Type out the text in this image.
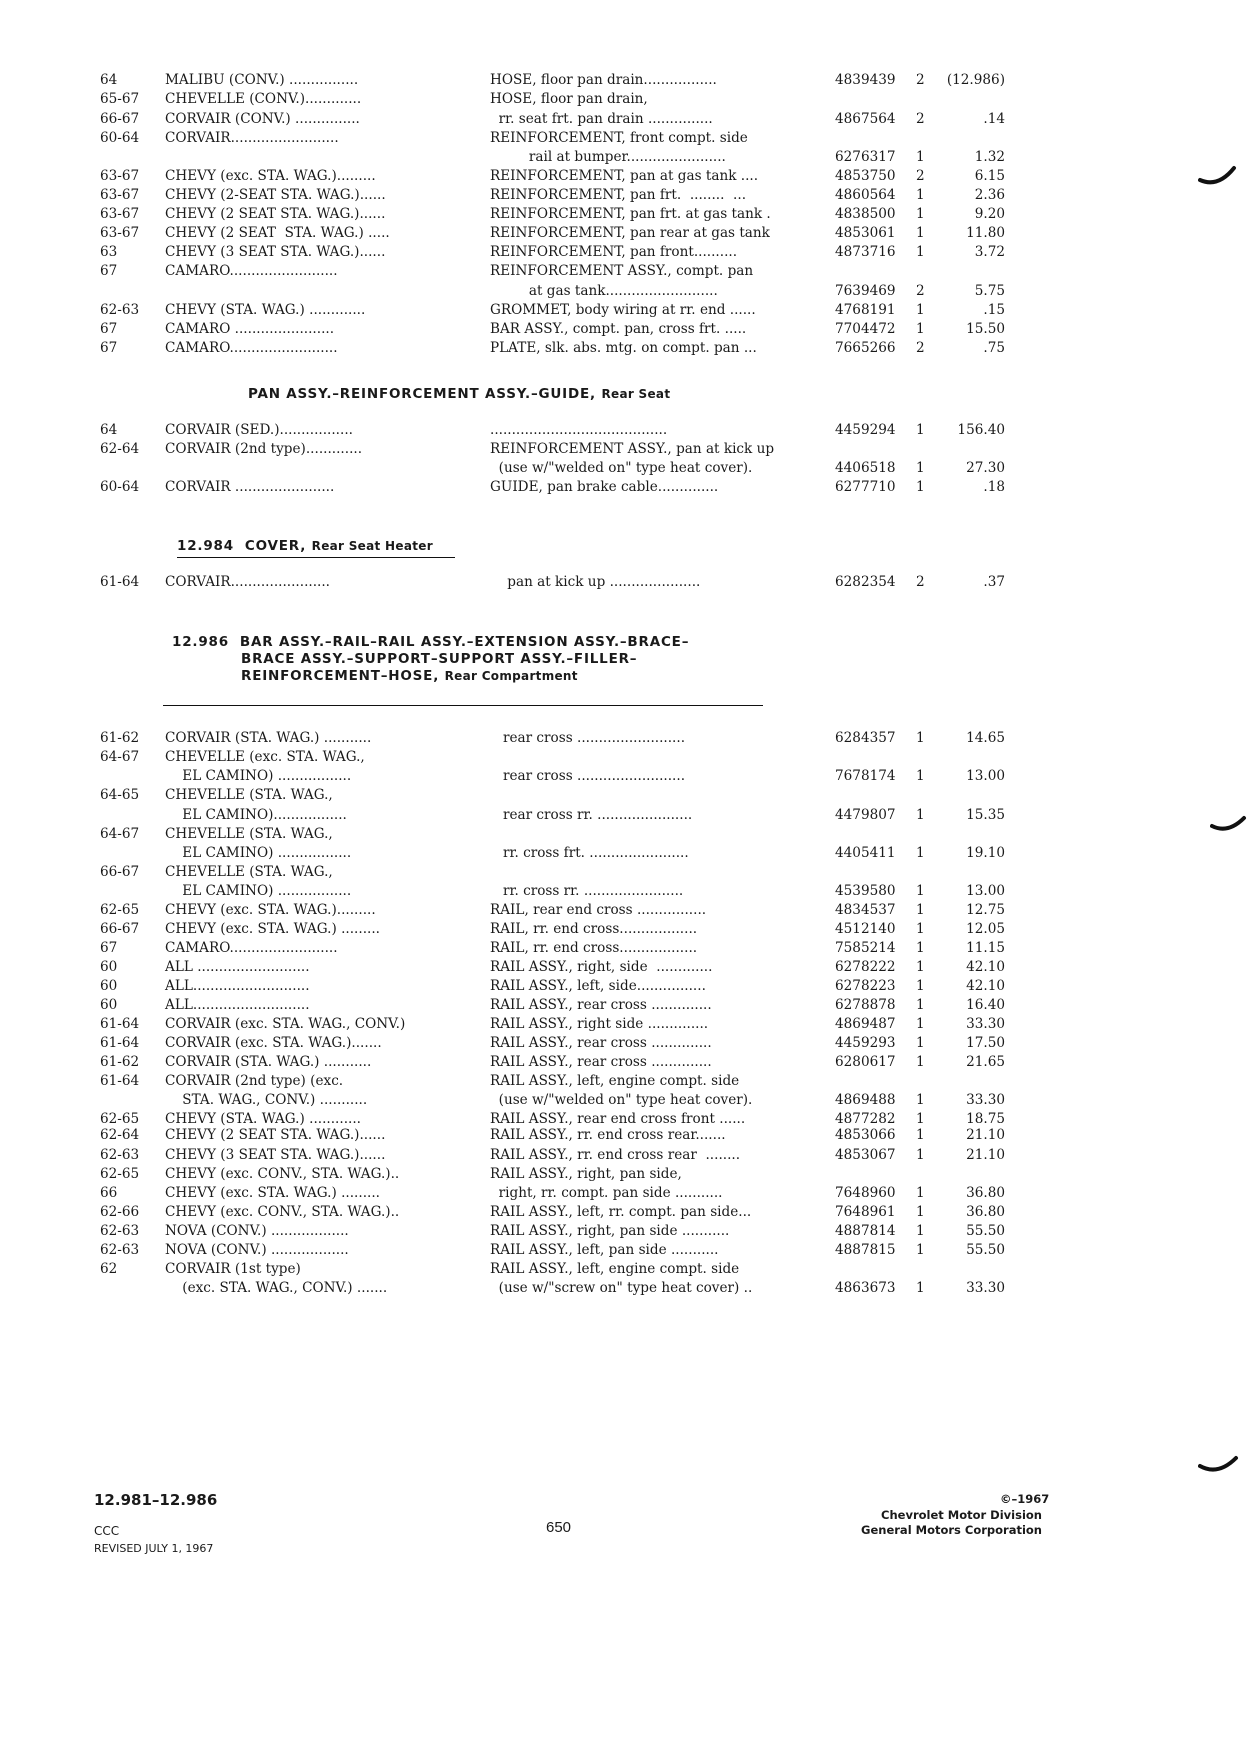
64	MALIBU (CONV.) ................	HOSE, floor pan drain.................	4839439 2	(12.986)
65-67 CHEVELLE (CONV.).............	HOSE, floor pan drain,
66-67 CORVAIR (CONV.) ...............	rr. seat frt. pan drain ...............	4867564 2	.14
60-64 CORVAIR.........................	REINFORCEMENT, front compt. side
rail at bumper.......................	6276317 1	1.32
63-67 CHEVY (exc. STA. WAG.).........	REINFORCEMENT, pan at gas tank ....	4853750 2	6.15
63-67 CHEVY (2-SEAT STA. WAG.)......	REINFORCEMENT, pan frt.  ........  ...	4860564 1	2.36
63-67 CHEVY (2 SEAT STA. WAG.)......	REINFORCEMENT, pan frt. at gas tank .	4838500 1	9.20
63-67 CHEVY (2 SEAT  STA. WAG.) .....	REINFORCEMENT, pan rear at gas tank	4853061 1	11.80
63	CHEVY (3 SEAT STA. WAG.)......	REINFORCEMENT, pan front..........	4873716 1	3.72
67	CAMARO.........................	REINFORCEMENT ASSY., compt. pan
at gas tank..........................	7639469 2	5.75
62-63 CHEVY (STA. WAG.) .............	GROMMET, body wiring at rr. end ......	4768191 1	.15
67	CAMARO .......................	BAR ASSY., compt. pan, cross frt. .....	7704472 1	15.50
67	CAMARO.........................	PLATE, slk. abs. mtg. on compt. pan ...	7665266 2	.75
64	CORVAIR (SED.).................	.........................................	4459294 1	156.40
62-64 CORVAIR (2nd type).............	REINFORCEMENT ASSY., pan at kick up
(use w/"welded on" type heat cover).	4406518 1	27.30
60-64 CORVAIR .......................	GUIDE, pan brake cable..............	6277710 1	.18
61-64 CORVAIR.......................	pan at kick up .....................	6282354 2	.37
61-62 CORVAIR (STA. WAG.) ...........	rear cross .........................	6284357 1	14.65
64-67 CHEVELLE (exc. STA. WAG.,
EL CAMINO) .................	rear cross .........................	7678174 1	13.00
64-65 CHEVELLE (STA. WAG.,
EL CAMINO).................	rear cross rr. ......................	4479807 1	15.35
64-67 CHEVELLE (STA. WAG.,
EL CAMINO) .................	rr. cross frt. .......................	4405411 1	19.10
66-67 CHEVELLE (STA. WAG.,
EL CAMINO) .................	rr. cross rr. .......................	4539580 1	13.00
62-65 CHEVY (exc. STA. WAG.).........	RAIL, rear end cross ................	4834537 1	12.75
66-67 CHEVY (exc. STA. WAG.) .........	RAIL, rr. end cross..................	4512140 1	12.05
67	CAMARO.........................	RAIL, rr. end cross..................	7585214 1	11.15
60	ALL ..........................	RAIL ASSY., right, side  .............	6278222 1	42.10
60	ALL...........................	RAIL ASSY., left, side................	6278223 1	42.10
60	ALL...........................	RAIL ASSY., rear cross ..............	6278878 1	16.40
61-64 CORVAIR (exc. STA. WAG., CONV.)	RAIL ASSY., right side ..............	4869487 1	33.30
61-64 CORVAIR (exc. STA. WAG.).......	RAIL ASSY., rear cross ..............	4459293 1	17.50
61-62 CORVAIR (STA. WAG.) ...........	RAIL ASSY., rear cross ..............	6280617 1	21.65
61-64 CORVAIR (2nd type) (exc.	RAIL ASSY., left, engine compt. side
STA. WAG., CONV.) ...........	(use w/"welded on" type heat cover).	4869488 1	33.30
62-65 CHEVY (STA. WAG.) ............	RAIL ASSY., rear end cross front ......	4877282 1	18.75
62-64 CHEVY (2 SEAT STA. WAG.)......	RAIL ASSY., rr. end cross rear.......	4853066 1	21.10
62-63 CHEVY (3 SEAT STA. WAG.)......	RAIL ASSY., rr. end cross rear  ........	4853067 1	21.10
62-65 CHEVY (exc. CONV., STA. WAG.)..	RAIL ASSY., right, pan side,
66	CHEVY (exc. STA. WAG.) .........	right, rr. compt. pan side ...........	7648960 1	36.80
62-66 CHEVY (exc. CONV., STA. WAG.)..	RAIL ASSY., left, rr. compt. pan side...	7648961 1	36.80
62-63 NOVA (CONV.) ..................	RAIL ASSY., right, pan side ...........	4887814 1	55.50
62-63 NOVA (CONV.) ..................	RAIL ASSY., left, pan side ...........	4887815 1	55.50
62	CORVAIR (1st type)	RAIL ASSY., left, engine compt. side
(exc. STA. WAG., CONV.) .......	(use w/"screw on" type heat cover) ..	4863673 1	33.30
PAN ASSY.–REINFORCEMENT ASSY.–GUIDE, Rear Seat
12.984 COVER, Rear Seat Heater
12.986 BAR ASSY.–RAIL–RAIL ASSY.–EXTENSION ASSY.–BRACE–
BRACE ASSY.–SUPPORT–SUPPORT ASSY.–FILLER–
REINFORCEMENT–HOSE, Rear Compartment
12.981–12.986
CCC
REVISED JULY 1, 1967
650
©–1967
Chevrolet Motor Division
General Motors Corporation
